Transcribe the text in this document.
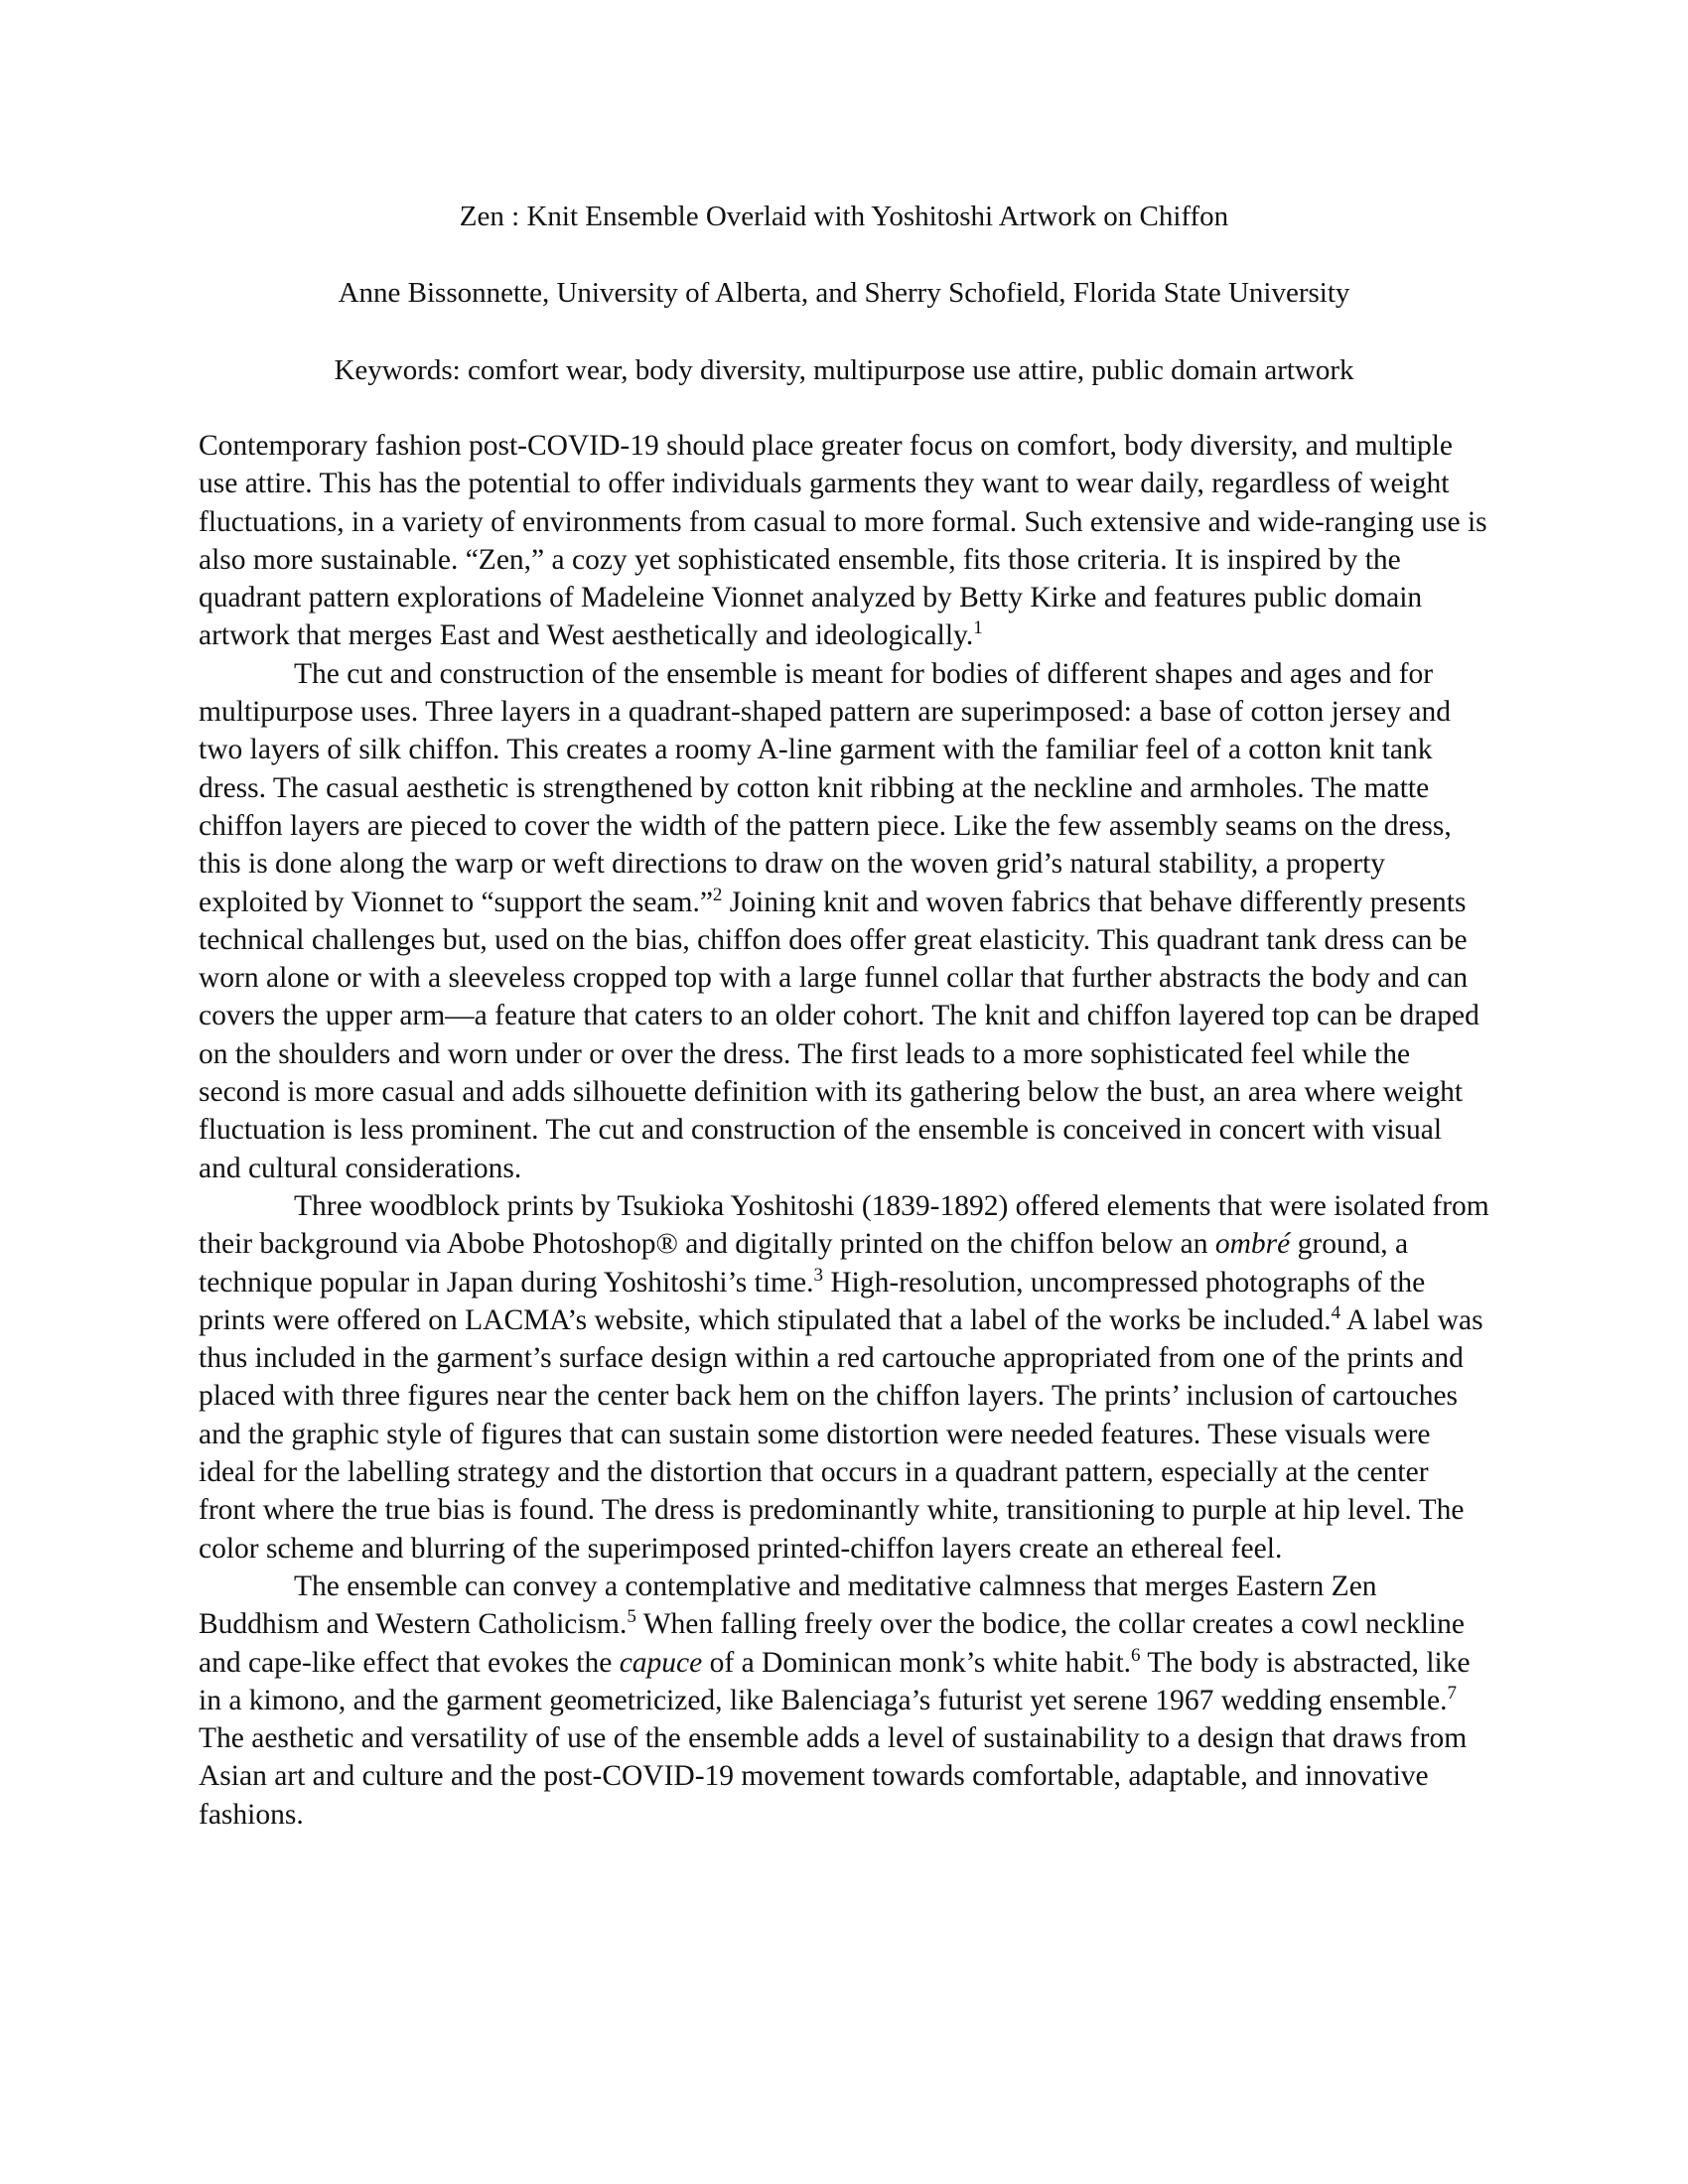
Zen : Knit Ensemble Overlaid with Yoshitoshi Artwork on Chiffon
Anne Bissonnette, University of Alberta, and Sherry Schofield, Florida State University
Keywords: comfort wear, body diversity, multipurpose use attire, public domain artwork

Contemporary fashion post-COVID-19 should place greater focus on comfort, body diversity, and multiple use attire. This has the potential to offer individuals garments they want to wear daily, regardless of weight fluctuations, in a variety of environments from casual to more formal. Such extensive and wide-ranging use is also more sustainable. “Zen,” a cozy yet sophisticated ensemble, fits those criteria. It is inspired by the quadrant pattern explorations of Madeleine Vionnet analyzed by Betty Kirke and features public domain artwork that merges East and West aesthetically and ideologically.$^1$

The cut and construction of the ensemble is meant for bodies of different shapes and ages and for multipurpose uses. Three layers in a quadrant-shaped pattern are superimposed: a base of cotton jersey and two layers of silk chiffon. This creates a roomy A-line garment with the familiar feel of a cotton knit tank dress. The casual aesthetic is strengthened by cotton knit ribbing at the neckline and armholes. The matte chiffon layers are pieced to cover the width of the pattern piece. Like the few assembly seams on the dress, this is done along the warp or weft directions to draw on the woven grid’s natural stability, a property exploited by Vionnet to “support the seam.”$^2$ Joining knit and woven fabrics that behave differently presents technical challenges but, used on the bias, chiffon does offer great elasticity. This quadrant tank dress can be worn alone or with a sleeveless cropped top with a large funnel collar that further abstracts the body and can covers the upper arm—a feature that caters to an older cohort. The knit and chiffon layered top can be draped on the shoulders and worn under or over the dress. The first leads to a more sophisticated feel while the second is more casual and adds silhouette definition with its gathering below the bust, an area where weight fluctuation is less prominent. The cut and construction of the ensemble is conceived in concert with visual and cultural considerations.

Three woodblock prints by Tsukioka Yoshitoshi (1839-1892) offered elements that were isolated from their background via Abobe Photoshop® and digitally printed on the chiffon below an ombré ground, a technique popular in Japan during Yoshitoshi’s time.$^3$ High-resolution, uncompressed photographs of the prints were offered on LACMA’s website, which stipulated that a label of the works be included.$^4$ A label was thus included in the garment’s surface design within a red cartouche appropriated from one of the prints and placed with three figures near the center back hem on the chiffon layers. The prints’ inclusion of cartouches and the graphic style of figures that can sustain some distortion were needed features. These visuals were ideal for the labelling strategy and the distortion that occurs in a quadrant pattern, especially at the center front where the true bias is found. The dress is predominantly white, transitioning to purple at hip level. The color scheme and blurring of the superimposed printed-chiffon layers create an ethereal feel.

The ensemble can convey a contemplative and meditative calmness that merges Eastern Zen Buddhism and Western Catholicism.$^5$ When falling freely over the bodice, the collar creates a cowl neckline and cape-like effect that evokes the capuce of a Dominican monk’s white habit.$^6$ The body is abstracted, like in a kimono, and the garment geometricized, like Balenciaga’s futurist yet serene 1967 wedding ensemble.$^7$ The aesthetic and versatility of use of the ensemble adds a level of sustainability to a design that draws from Asian art and culture and the post-COVID-19 movement towards comfortable, adaptable, and innovative fashions.
